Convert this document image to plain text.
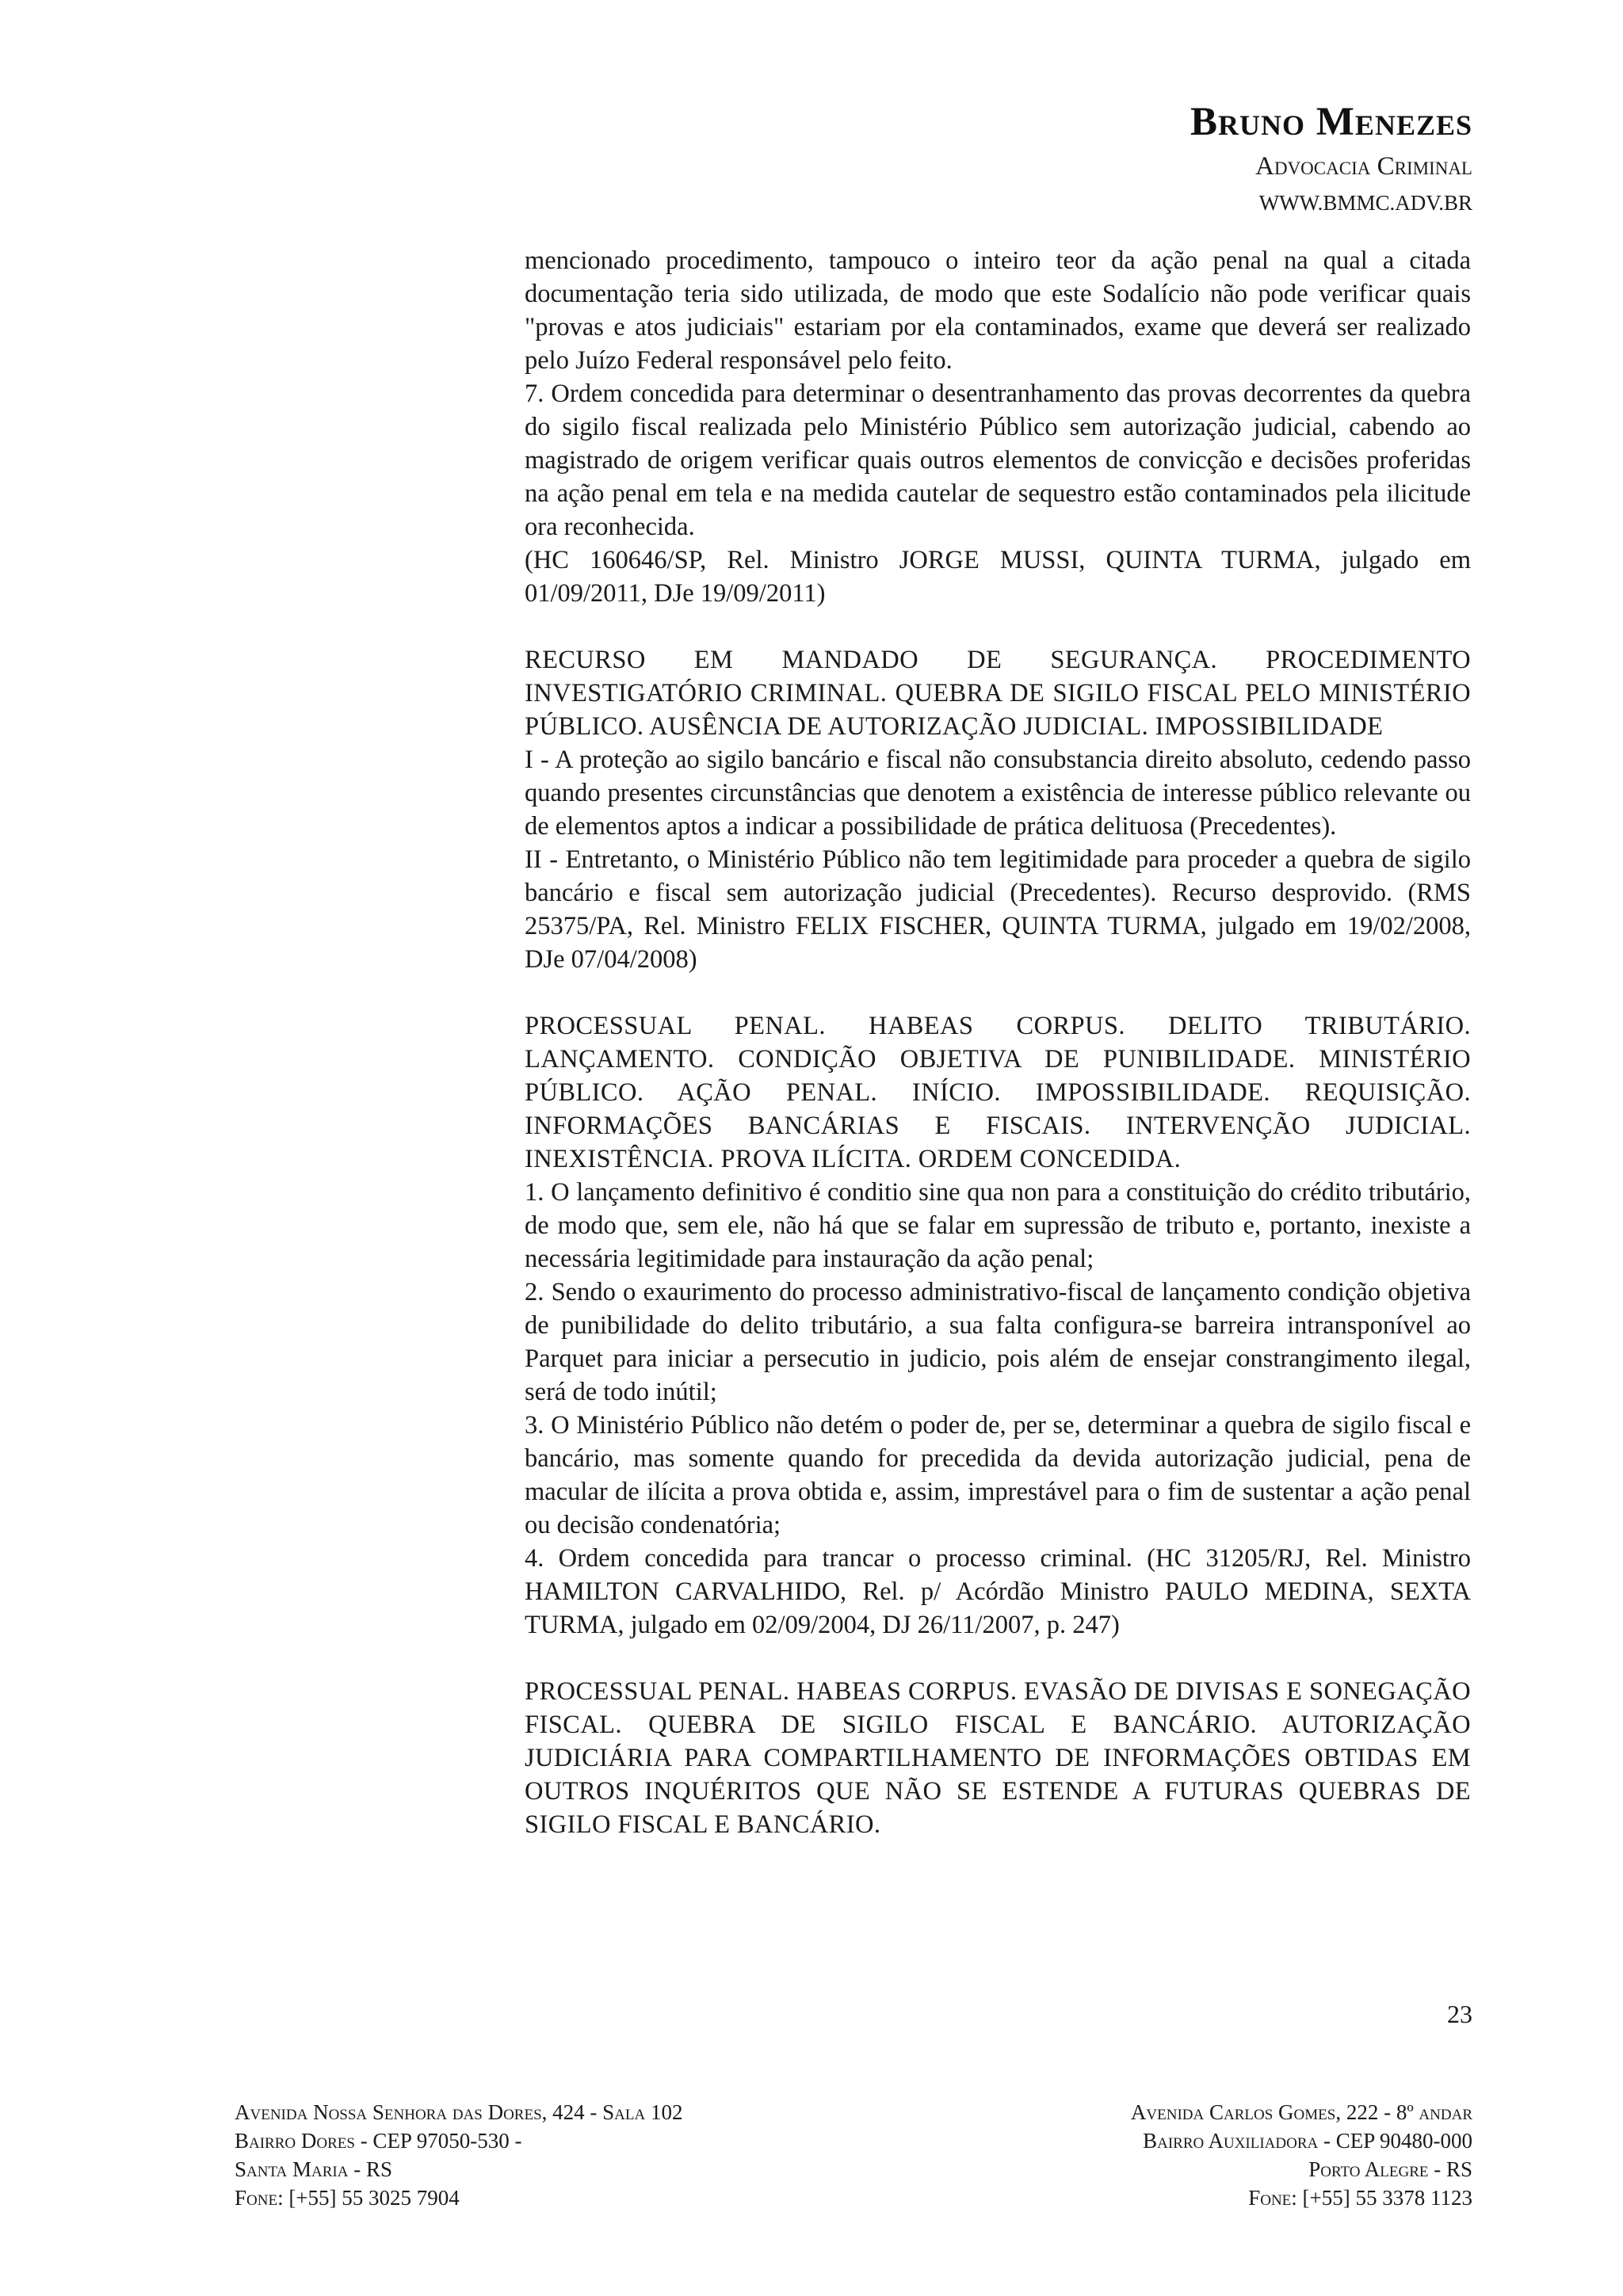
Bruno Menezes
Advocacia Criminal
WWW.BMMC.ADV.BR

mencionado procedimento, tampouco o inteiro teor da ação penal na qual a citada documentação teria sido utilizada, de modo que este Sodalício não pode verificar quais "provas e atos judiciais" estariam por ela contaminados, exame que deverá ser realizado pelo Juízo Federal responsável pelo feito.

7. Ordem concedida para determinar o desentranhamento das provas decorrentes da quebra do sigilo fiscal realizada pelo Ministério Público sem autorização judicial, cabendo ao magistrado de origem verificar quais outros elementos de convicção e decisões proferidas na ação penal em tela e na medida cautelar de sequestro estão contaminados pela ilicitude ora reconhecida.

(HC 160646/SP, Rel. Ministro JORGE MUSSI, QUINTA TURMA, julgado em 01/09/2011, DJe 19/09/2011)

RECURSO EM MANDADO DE SEGURANÇA. PROCEDIMENTO INVESTIGATÓRIO CRIMINAL. QUEBRA DE SIGILO FISCAL PELO MINISTÉRIO PÚBLICO. AUSÊNCIA DE AUTORIZAÇÃO JUDICIAL. IMPOSSIBILIDADE

I - A proteção ao sigilo bancário e fiscal não consubstancia direito absoluto, cedendo passo quando presentes circunstâncias que denotem a existência de interesse público relevante ou de elementos aptos a indicar a possibilidade de prática delituosa (Precedentes).

II - Entretanto, o Ministério Público não tem legitimidade para proceder a quebra de sigilo bancário e fiscal sem autorização judicial (Precedentes). Recurso desprovido. (RMS 25375/PA, Rel. Ministro FELIX FISCHER, QUINTA TURMA, julgado em 19/02/2008, DJe 07/04/2008)

PROCESSUAL PENAL. HABEAS CORPUS. DELITO TRIBUTÁRIO. LANÇAMENTO. CONDIÇÃO OBJETIVA DE PUNIBILIDADE. MINISTÉRIO PÚBLICO. AÇÃO PENAL. INÍCIO. IMPOSSIBILIDADE. REQUISIÇÃO. INFORMAÇÕES BANCÁRIAS E FISCAIS. INTERVENÇÃO JUDICIAL. INEXISTÊNCIA. PROVA ILÍCITA. ORDEM CONCEDIDA.

1. O lançamento definitivo é conditio sine qua non para a constituição do crédito tributário, de modo que, sem ele, não há que se falar em supressão de tributo e, portanto, inexiste a necessária legitimidade para instauração da ação penal;

2. Sendo o exaurimento do processo administrativo-fiscal de lançamento condição objetiva de punibilidade do delito tributário, a sua falta configura-se barreira intransponível ao Parquet para iniciar a persecutio in judicio, pois além de ensejar constrangimento ilegal, será de todo inútil;

3. O Ministério Público não detém o poder de, per se, determinar a quebra de sigilo fiscal e bancário, mas somente quando for precedida da devida autorização judicial, pena de macular de ilícita a prova obtida e, assim, imprestável para o fim de sustentar a ação penal ou decisão condenatória;

4. Ordem concedida para trancar o processo criminal. (HC 31205/RJ, Rel. Ministro HAMILTON CARVALHIDO, Rel. p/ Acórdão Ministro PAULO MEDINA, SEXTA TURMA, julgado em 02/09/2004, DJ 26/11/2007, p. 247)

PROCESSUAL PENAL. HABEAS CORPUS. EVASÃO DE DIVISAS E SONEGAÇÃO FISCAL. QUEBRA DE SIGILO FISCAL E BANCÁRIO. AUTORIZAÇÃO JUDICIÁRIA PARA COMPARTILHAMENTO DE INFORMAÇÕES OBTIDAS EM OUTROS INQUÉRITOS QUE NÃO SE ESTENDE A FUTURAS QUEBRAS DE SIGILO FISCAL E BANCÁRIO.

23
Avenida Nossa Senhora das Dores, 424 - Sala 102
Bairro Dores - CEP 97050-530 -
Santa Maria - RS
Fone: [+55] 55 3025 7904
Avenida Carlos Gomes, 222 - 8º andar
Bairro Auxiliadora - CEP 90480-000
Porto Alegre - RS
Fone: [+55] 55 3378 1123
